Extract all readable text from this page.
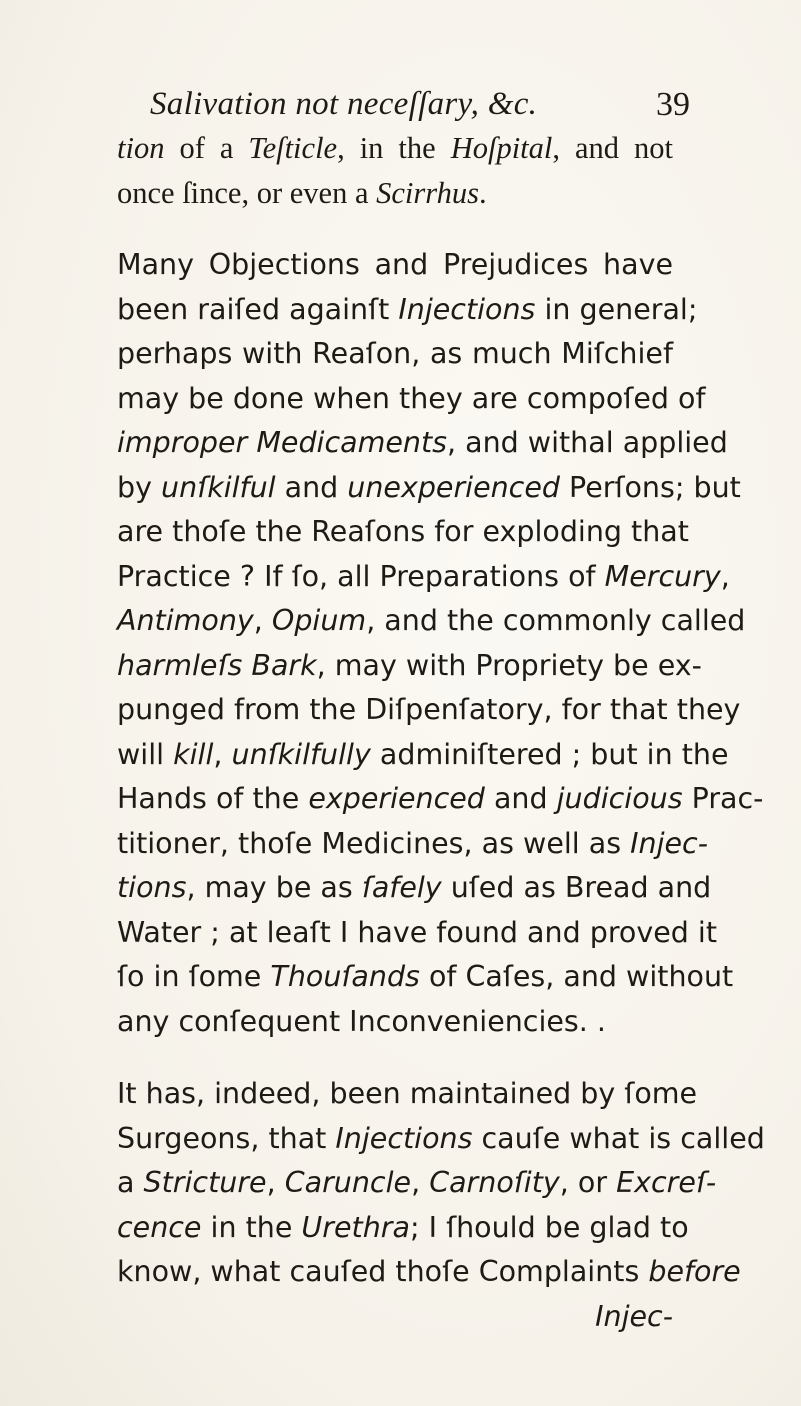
Salivation not neceſſary, &c.	39
tion of a Teſticle, in the Hoſpital, and not
once ſince, or even a Scirrhus.
Many Objections and Prejudices have
been raiſed againſt Injections in general;
perhaps with Reaſon, as much Miſchief
may be done when they are compoſed of
improper Medicaments, and withal applied
by unſkilful and unexperienced Perſons; but
are thoſe the Reaſons for exploding that
Practice ? If ſo, all Preparations of Mercury,
Antimony, Opium, and the commonly called
harmleſs Bark, may with Propriety be ex-
punged from the Diſpenſatory, for that they
will kill, unſkilfully adminiſtered ; but in the
Hands of the experienced and judicious Prac-
titioner, thoſe Medicines, as well as Injec-
tions, may be as ſafely uſed as Bread and
Water ; at leaſt I have found and proved it
ſo in ſome Thouſands of Caſes, and without
any conſequent Inconveniencies. .
It has, indeed, been maintained by ſome
Surgeons, that Injections cauſe what is called
a Stricture, Caruncle, Carnoſity, or Excreſ-
cence in the Urethra; I ſhould be glad to
know, what cauſed thoſe Complaints before
Injec-
